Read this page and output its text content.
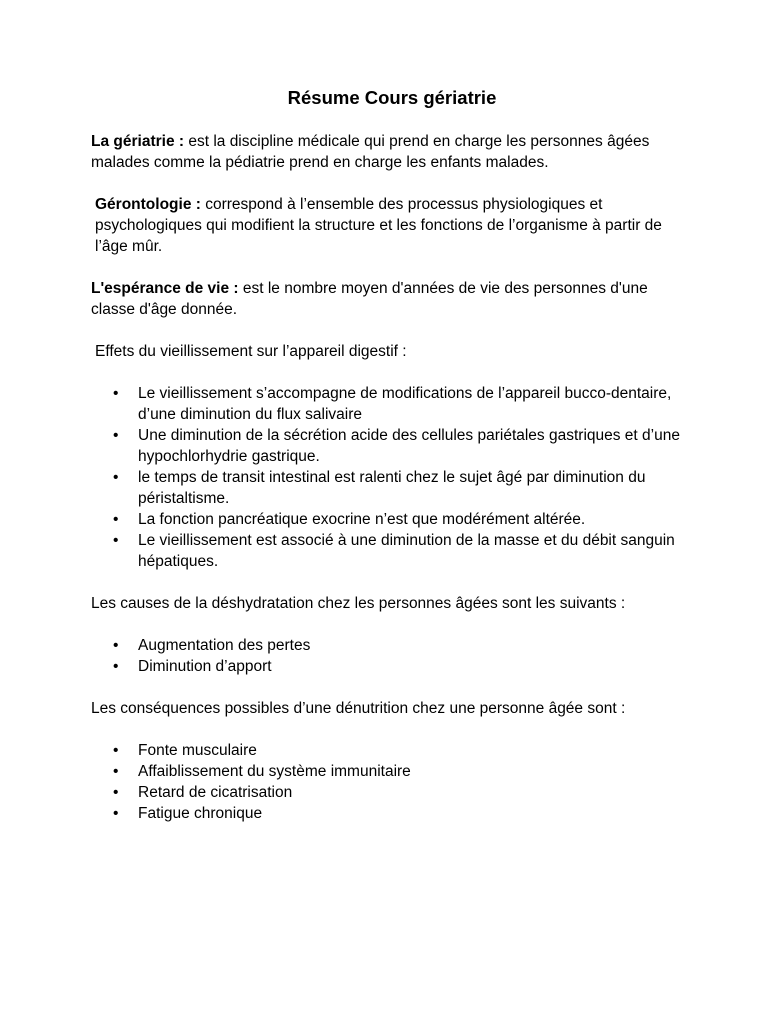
Résume Cours gériatrie

La gériatrie : est la discipline médicale qui prend en charge les personnes âgées malades comme la pédiatrie prend en charge les enfants malades.

Gérontologie : correspond à l’ensemble des processus physiologiques et psychologiques qui modifient la structure et les fonctions de l’organisme à partir de l’âge mûr.

L'espérance de vie : est le nombre moyen d'années de vie des personnes d'une classe d'âge donnée.

Effets du vieillissement sur l’appareil digestif :

• Le vieillissement s’accompagne de modifications de l’appareil bucco-dentaire, d’une diminution du flux salivaire
• Une diminution de la sécrétion acide des cellules pariétales gastriques et d’une hypochlorhydrie gastrique.
• le temps de transit intestinal est ralenti chez le sujet âgé par diminution du péristaltisme.
• La fonction pancréatique exocrine n’est que modérément altérée.
• Le vieillissement est associé à une diminution de la masse et du débit sanguin hépatiques.

Les causes de la déshydratation chez les personnes âgées sont les suivants :

• Augmentation des pertes
• Diminution d’apport

Les conséquences possibles d’une dénutrition chez une personne âgée sont :

• Fonte musculaire
• Affaiblissement du système immunitaire
• Retard de cicatrisation
• Fatigue chronique
